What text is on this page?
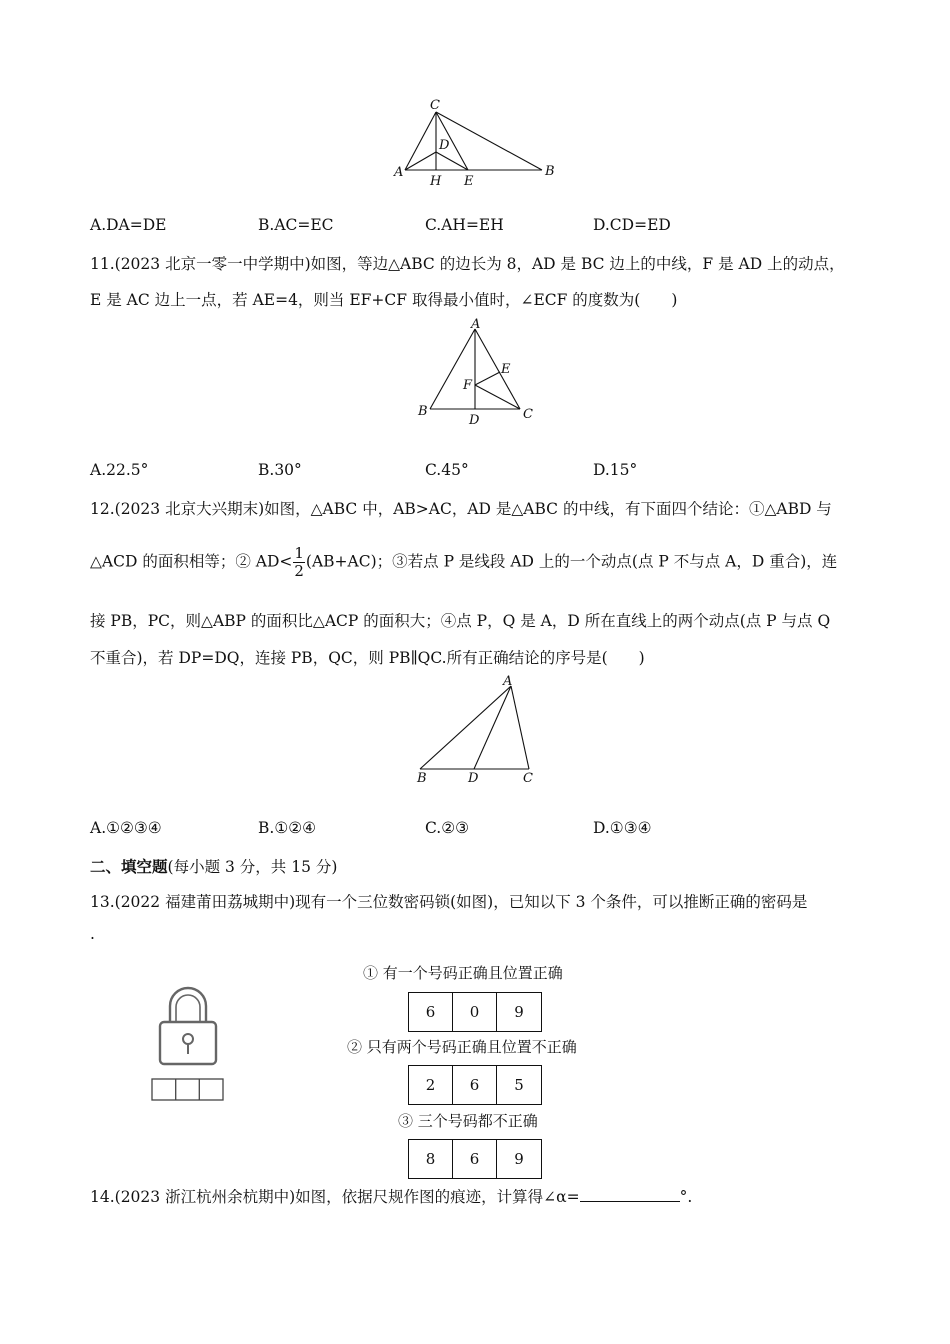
C
D
A
H E
B
A.DA=DE	B.AC=EC	C.AH=EH	D.CD=ED
11.(2023 北京一零一中学期中)如图，等边△ABC 的边长为 8，AD 是 BC 边上的中线，F 是 AD 上的动点，
E 是 AC 边上一点，若 AE=4，则当 EF+CF 取得最小值时，∠ECF 的度数为(　　)
A
E
F
B
D	C
A.22.5°	B.30°	C.45°	D.15°
12.(2023 北京大兴期末)如图，△ABC 中，AB>AC，AD 是△ABC 的中线，有下面四个结论：①△ABD 与
△ACD 的面积相等；② $AD< \frac{1}{2} (AB+AC)$；③若点 P 是线段 AD 上的一个动点(点 P 不与点 A，D 重合)，连
接 PB，PC，则△ABP 的面积比△ACP 的面积大；④点 P，Q 是 A，D 所在直线上的两个动点(点 P 与点 Q
不重合)，若 DP=DQ，连接 PB，QC，则 PB∥QC.所有正确结论的序号是(　　)
A
B	D	C
A.①②③④	B.①②④	C.②③	D.①③④
二、填空题(每小题 3 分，共 15 分)
13.(2022 福建莆田荔城期中)现有一个三位数密码锁(如图)，已知以下 3 个条件，可以推断正确的密码是
.
① 有一个号码正确且位置正确
6	0	9
② 只有两个号码正确且位置不正确
2	6	5
③ 三个号码都不正确
8	6	9
14.(2023 浙江杭州余杭期中)如图，依据尺规作图的痕迹，计算得∠α=	°.
